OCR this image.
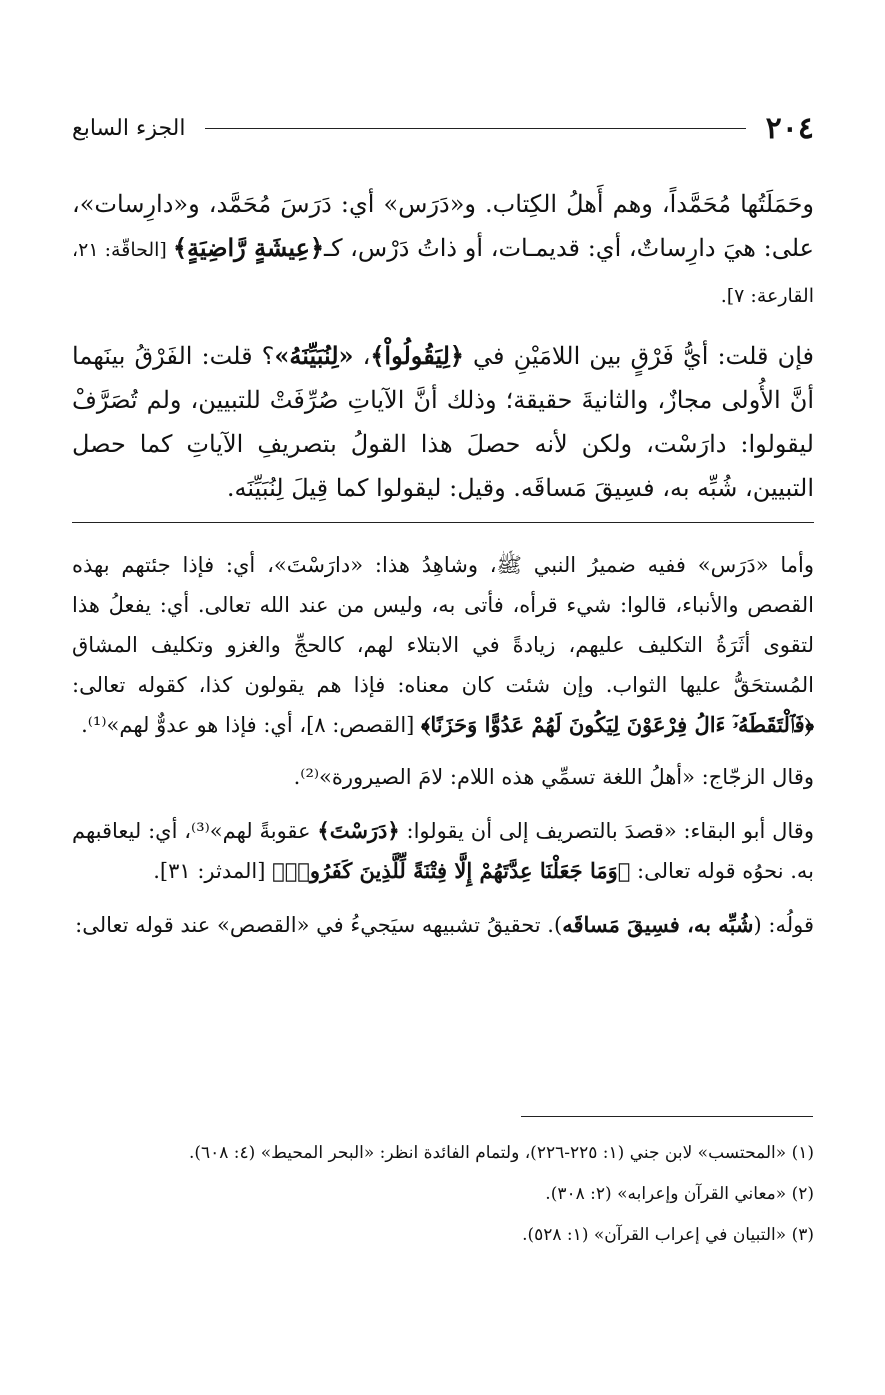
٢٠٤
الجزء السابع

وحَمَلَتُها مُحَمَّداً، وهم أَهلُ الكِتاب. و«دَرَس» أي: دَرَسَ مُحَمَّد، و«دارِسات»، على: هيَ دارِساتٌ، أي: قديمـات، أو ذاتُ دَرْس، كـ﴿عِيشَةٍ رَّاضِيَةٍ﴾ [الحاقّة: ٢١، القارعة: ٧].

فإن قلت: أيُّ فَرْقٍ بين اللامَيْنِ في ﴿لِيَقُولُواْ﴾، «لِنُبَيِّنَهُ»؟ قلت: الفَرْقُ بينَهما أنَّ الأُولى مجازٌ، والثانيةَ حقيقة؛ وذلك أنَّ الآياتِ صُرِّفَتْ للتبيين، ولم تُصَرَّفْ ليقولوا: دارَسْت، ولكن لأنه حصلَ هذا القولُ بتصريفِ الآياتِ كما حصل التبيين، شُبِّه به، فسِيقَ مَساقَه. وقيل: ليقولوا كما قِيلَ لِنُبَيِّنَه.

وأما «دَرَس» ففيه ضميرُ النبي ﷺ، وشاهِدُ هذا: «دارَسْتَ»، أي: فإذا جئتهم بهذه القصص والأنباء، قالوا: شيء قرأه، فأتى به، وليس من عند الله تعالى. أي: يفعلُ هذا لتقوى أثَرَةُ التكليف عليهم، زيادةً في الابتلاء لهم، كالحجِّ والغزو وتكليف المشاق المُستحَقُّ عليها الثواب. وإن شئت كان معناه: فإذا هم يقولون كذا، كقوله تعالى: ﴿فَٱلْتَقَطَهُۥٓ ءَالُ فِرْعَوْنَ لِيَكُونَ لَهُمْ عَدُوًّا وَحَزَنًا﴾ [القصص: ٨]، أي: فإذا هو عدوٌّ لهم»⁽¹⁾.

وقال الزجّاج: «أهلُ اللغة تسمِّي هذه اللام: لامَ الصيرورة»⁽²⁾.

وقال أبو البقاء: «قصدَ بالتصريف إلى أن يقولوا: ﴿دَرَسْتَ﴾ عقوبةً لهم»⁽³⁾، أي: ليعاقبهم به. نحوُه قوله تعالى: ﴿وَمَا جَعَلْنَا عِدَّتَهُمْ إِلَّا فِتْنَةً لِّلَّذِينَ كَفَرُوا۟﴾ [المدثر: ٣١].

قولُه: (شُبِّه به، فسِيقَ مَساقَه). تحقيقُ تشبيهه سيَجيءُ في «القصص» عند قوله تعالى:

(١) «المحتسب» لابن جني (١: ٢٢٥-٢٢٦)، ولتمام الفائدة انظر: «البحر المحيط» (٤: ٦٠٨).

(٢) «معاني القرآن وإعرابه» (٢: ٣٠٨).

(٣) «التبيان في إعراب القرآن» (١: ٥٢٨).
